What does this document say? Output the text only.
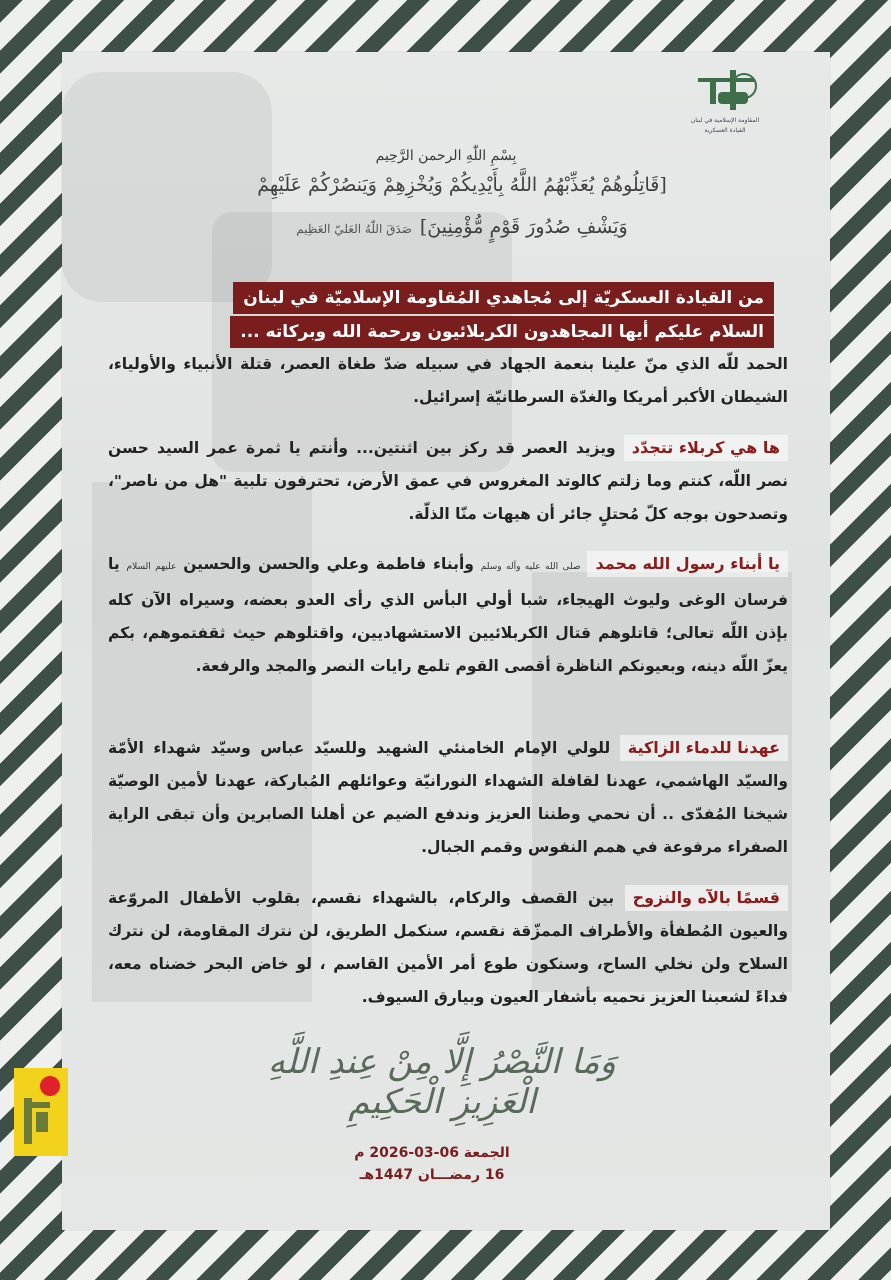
المقاومة الإسلامية في لبنان
القيادة العسكرية
بِسْمِ اللّٰهِ الرحمن الرَّحِيم
[قَاتِلُوهُمْ يُعَذِّبْهُمُ اللَّهُ بِأَيْدِيكُمْ وَيُخْزِهِمْ وَيَنصُرْكُمْ عَلَيْهِمْ
وَيَشْفِ صُدُورَ قَوْمٍ مُّؤْمِنِينَ]صَدَقَ اللّٰهُ العَليّ العَظِيم
من القيادة العسكريّة إلى مُجاهدي المُقاومة الإسلاميّة في لبنان
السلام عليكم أيها المجاهدون الكربلائيون ورحمة الله وبركاته ...
الحمد للّه الذي منّ علينا بنعمة الجهاد في سبيله ضدّ طغاة العصر، قتلة الأنبياء والأولياء، الشيطان الأكبر أمريكا والغدّة السرطانيّة إسرائيل.
ها هي كربلاء تتجدّد ويزيد العصر قد ركز بين اثنتين... وأنتم يا ثمرة عمر السيد حسن نصر اللّه، كنتم وما زلتم كالوتد المغروس في عمق الأرض، تحترفون تلبية "هل من ناصر"، وتصدحون بوجه كلّ مُحتلٍ جائر أن هيهات منّا الذلّة.
يا أبناء رسول الله محمد صلى الله عليه وآله وسلم وأبناء فاطمة وعلي والحسن والحسين عليهم السلام يا فرسان الوغى وليوث الهيجاء، شبا أولي البأس الذي رأى العدو بعضه، وسيراه الآن كله بإذن اللّه تعالى؛ قاتلوهم قتال الكربلائيين الاستشهاديين، واقتلوهم حيث ثقفتموهم، بكم يعزّ اللّه دينه، وبعيونكم الناظرة أقصى القوم تلمع رايات النصر والمجد والرفعة.
عهدنا للدماء الزاكية للولي الإمام الخامنئي الشهيد وللسيّد عباس وسيّد شهداء الأمّة والسيّد الهاشمي، عهدنا لقافلة الشهداء النورانيّة وعوائلهم المُباركة، عهدنا لأمين الوصيّة شيخنا المُفدّى .. أن نحمي وطننا العزيز وندفع الضيم عن أهلنا الصابرين وأن تبقى الراية الصفراء مرفوعة في همم النفوس وقمم الجبال.
قسمًا بالآه والنزوح بين القصف والركام، بالشهداء نقسم، بقلوب الأطفال المروّعة والعيون المُطفأة والأطراف الممزّقة نقسم، سنكمل الطريق، لن نترك المقاومة، لن نترك السلاح ولن نخلي الساح، وسنكون طوع أمر الأمين القاسم ، لو خاض البحر خضناه معه، فداءً لشعبنا العزيز نحميه بأشفار العيون وبيارق السيوف.
وَمَا النَّصْرُ إِلَّا مِنْ عِندِ اللَّهِ الْعَزِيزِ الْحَكِيمِ
الجمعة 06-03-2026 م
16 رمضـــان 1447هـ
